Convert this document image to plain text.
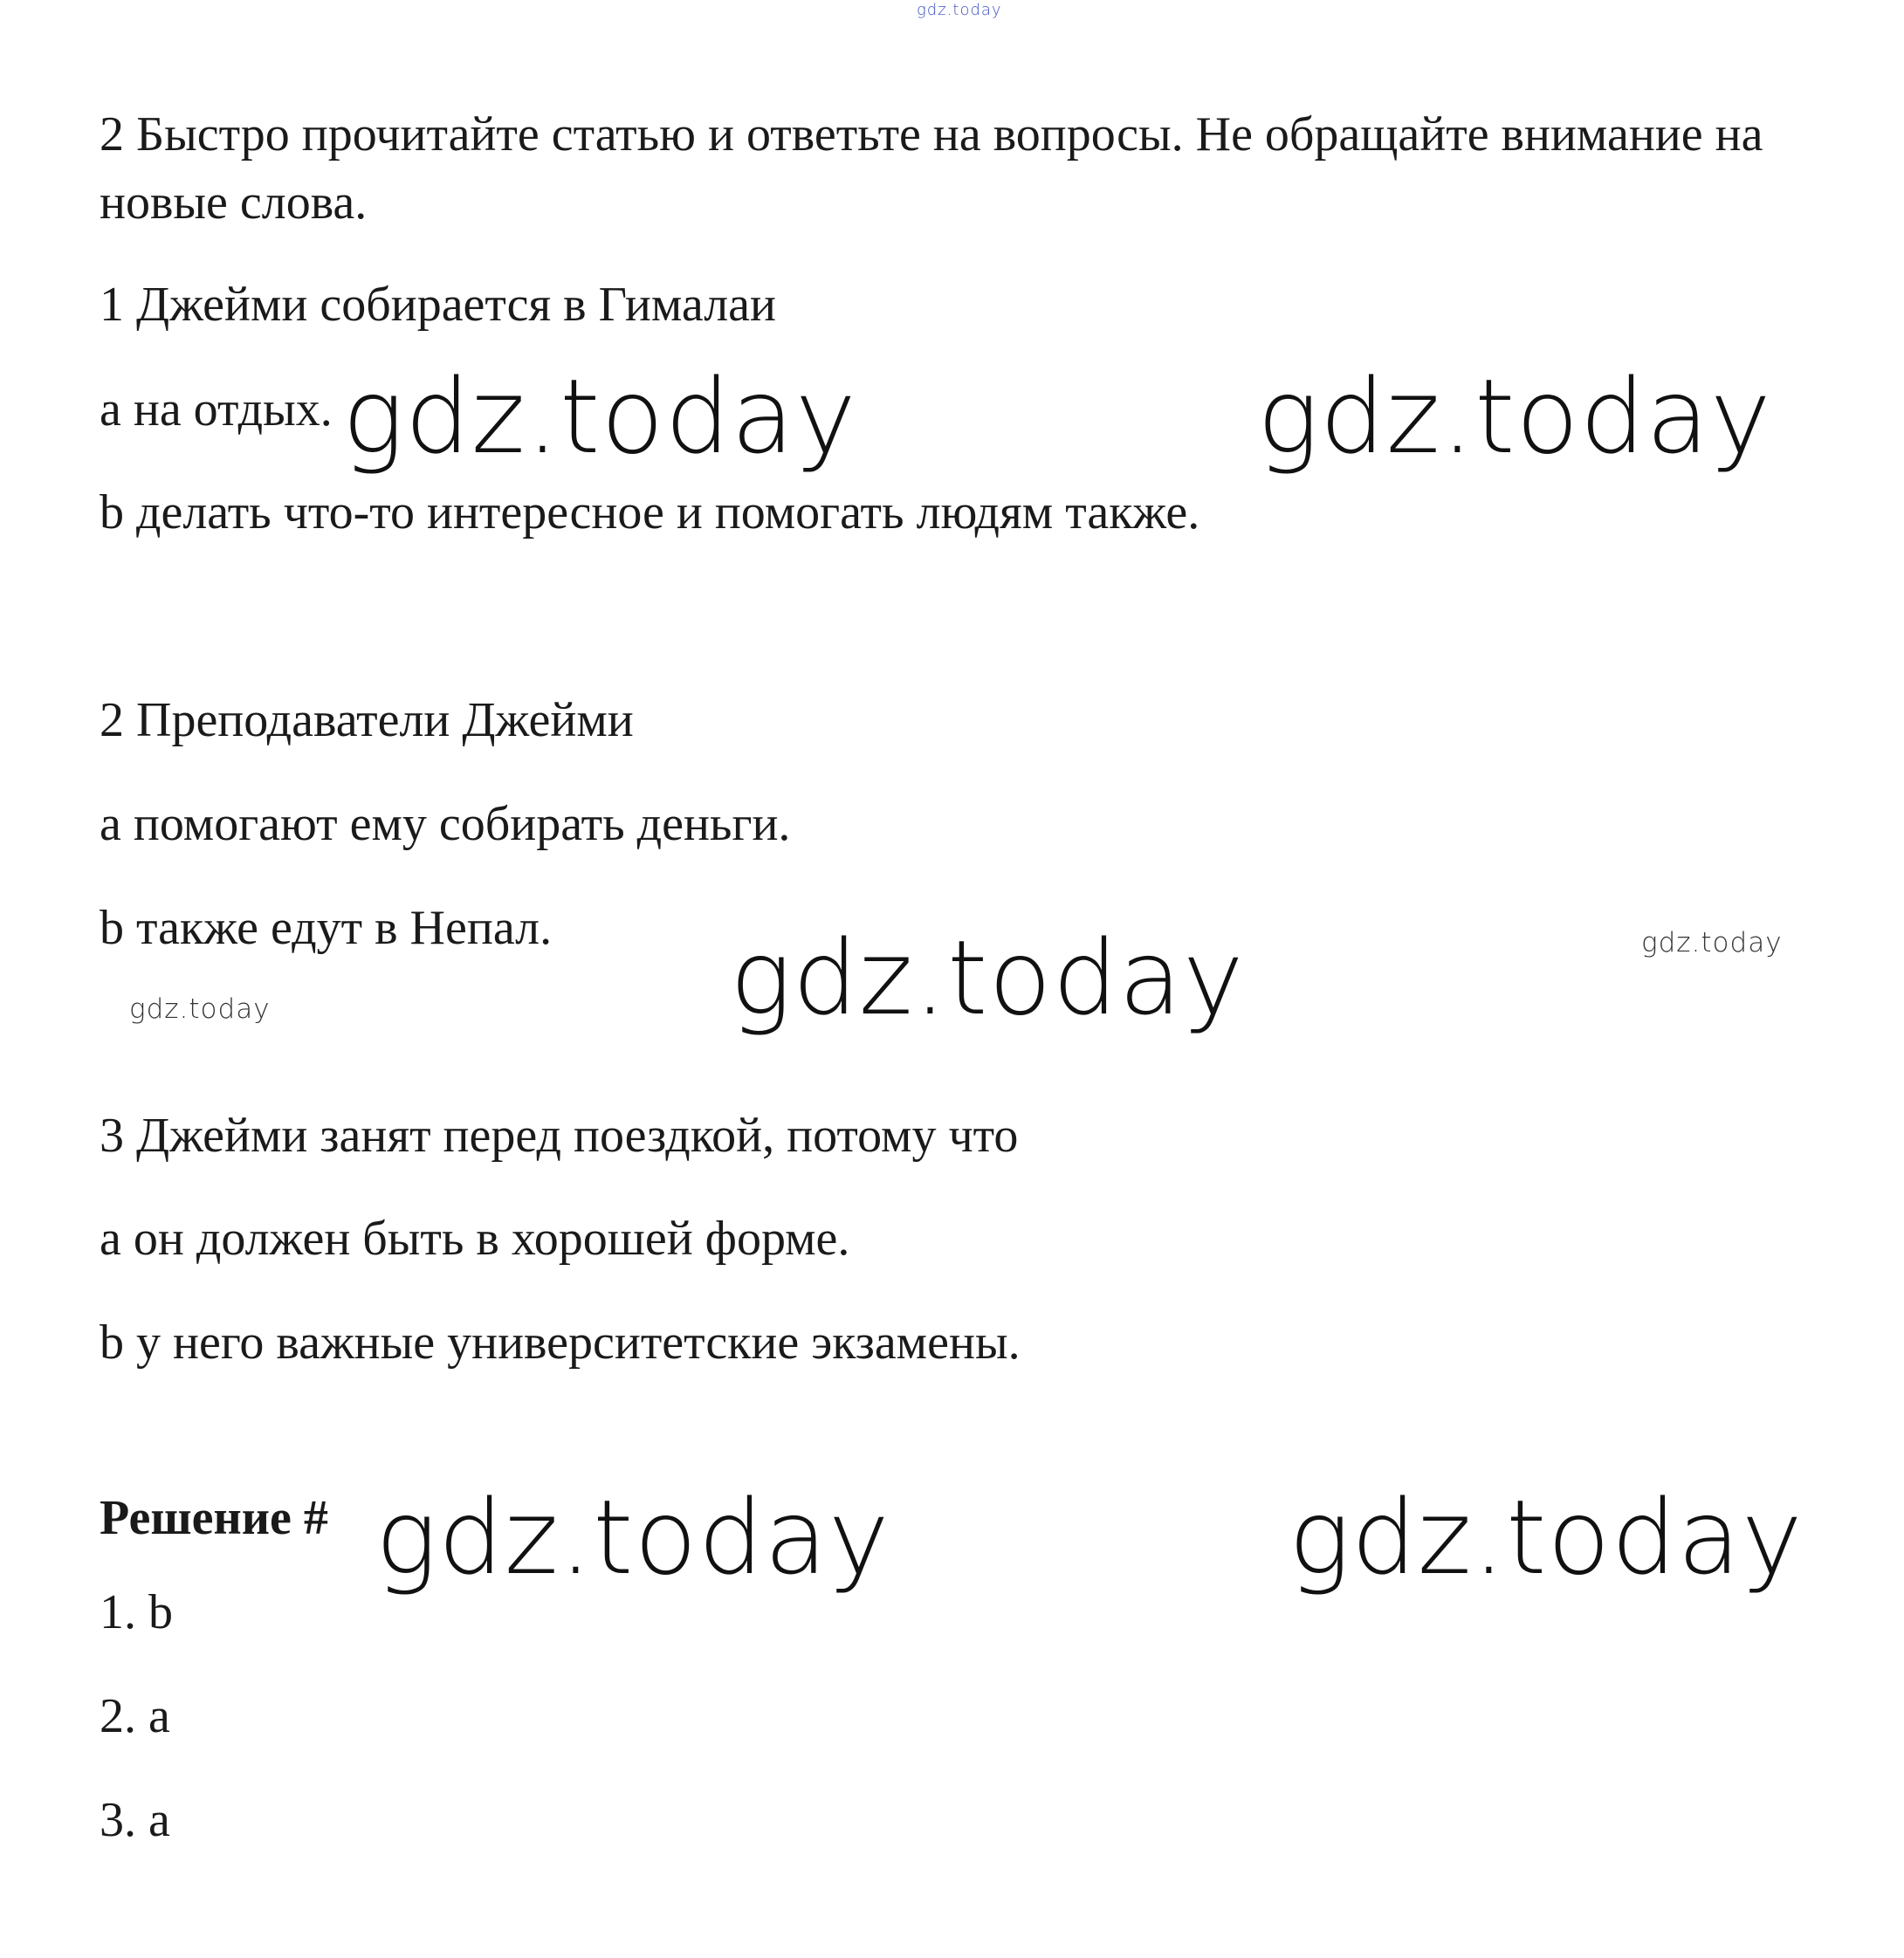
gdz.today

2 Быстро прочитайте статью и ответьте на вопросы. Не обращайте внимание на новые слова.

1 Джейми собирается в Гималаи
a на отдых.
b делать что-то интересное и помогать людям также.
2 Преподаватели Джейми
a помогают ему собирать деньги.
b также едут в Непал.
3 Джейми занят перед поездкой, потому что
a он должен быть в хорошей форме.
b у него важные университетские экзамены.
Решение #
1. b
2. a
3. a
gdz.today	gdz.today
gdz.today
gdz.today	gdz.today
gdz.today
gdz.today
